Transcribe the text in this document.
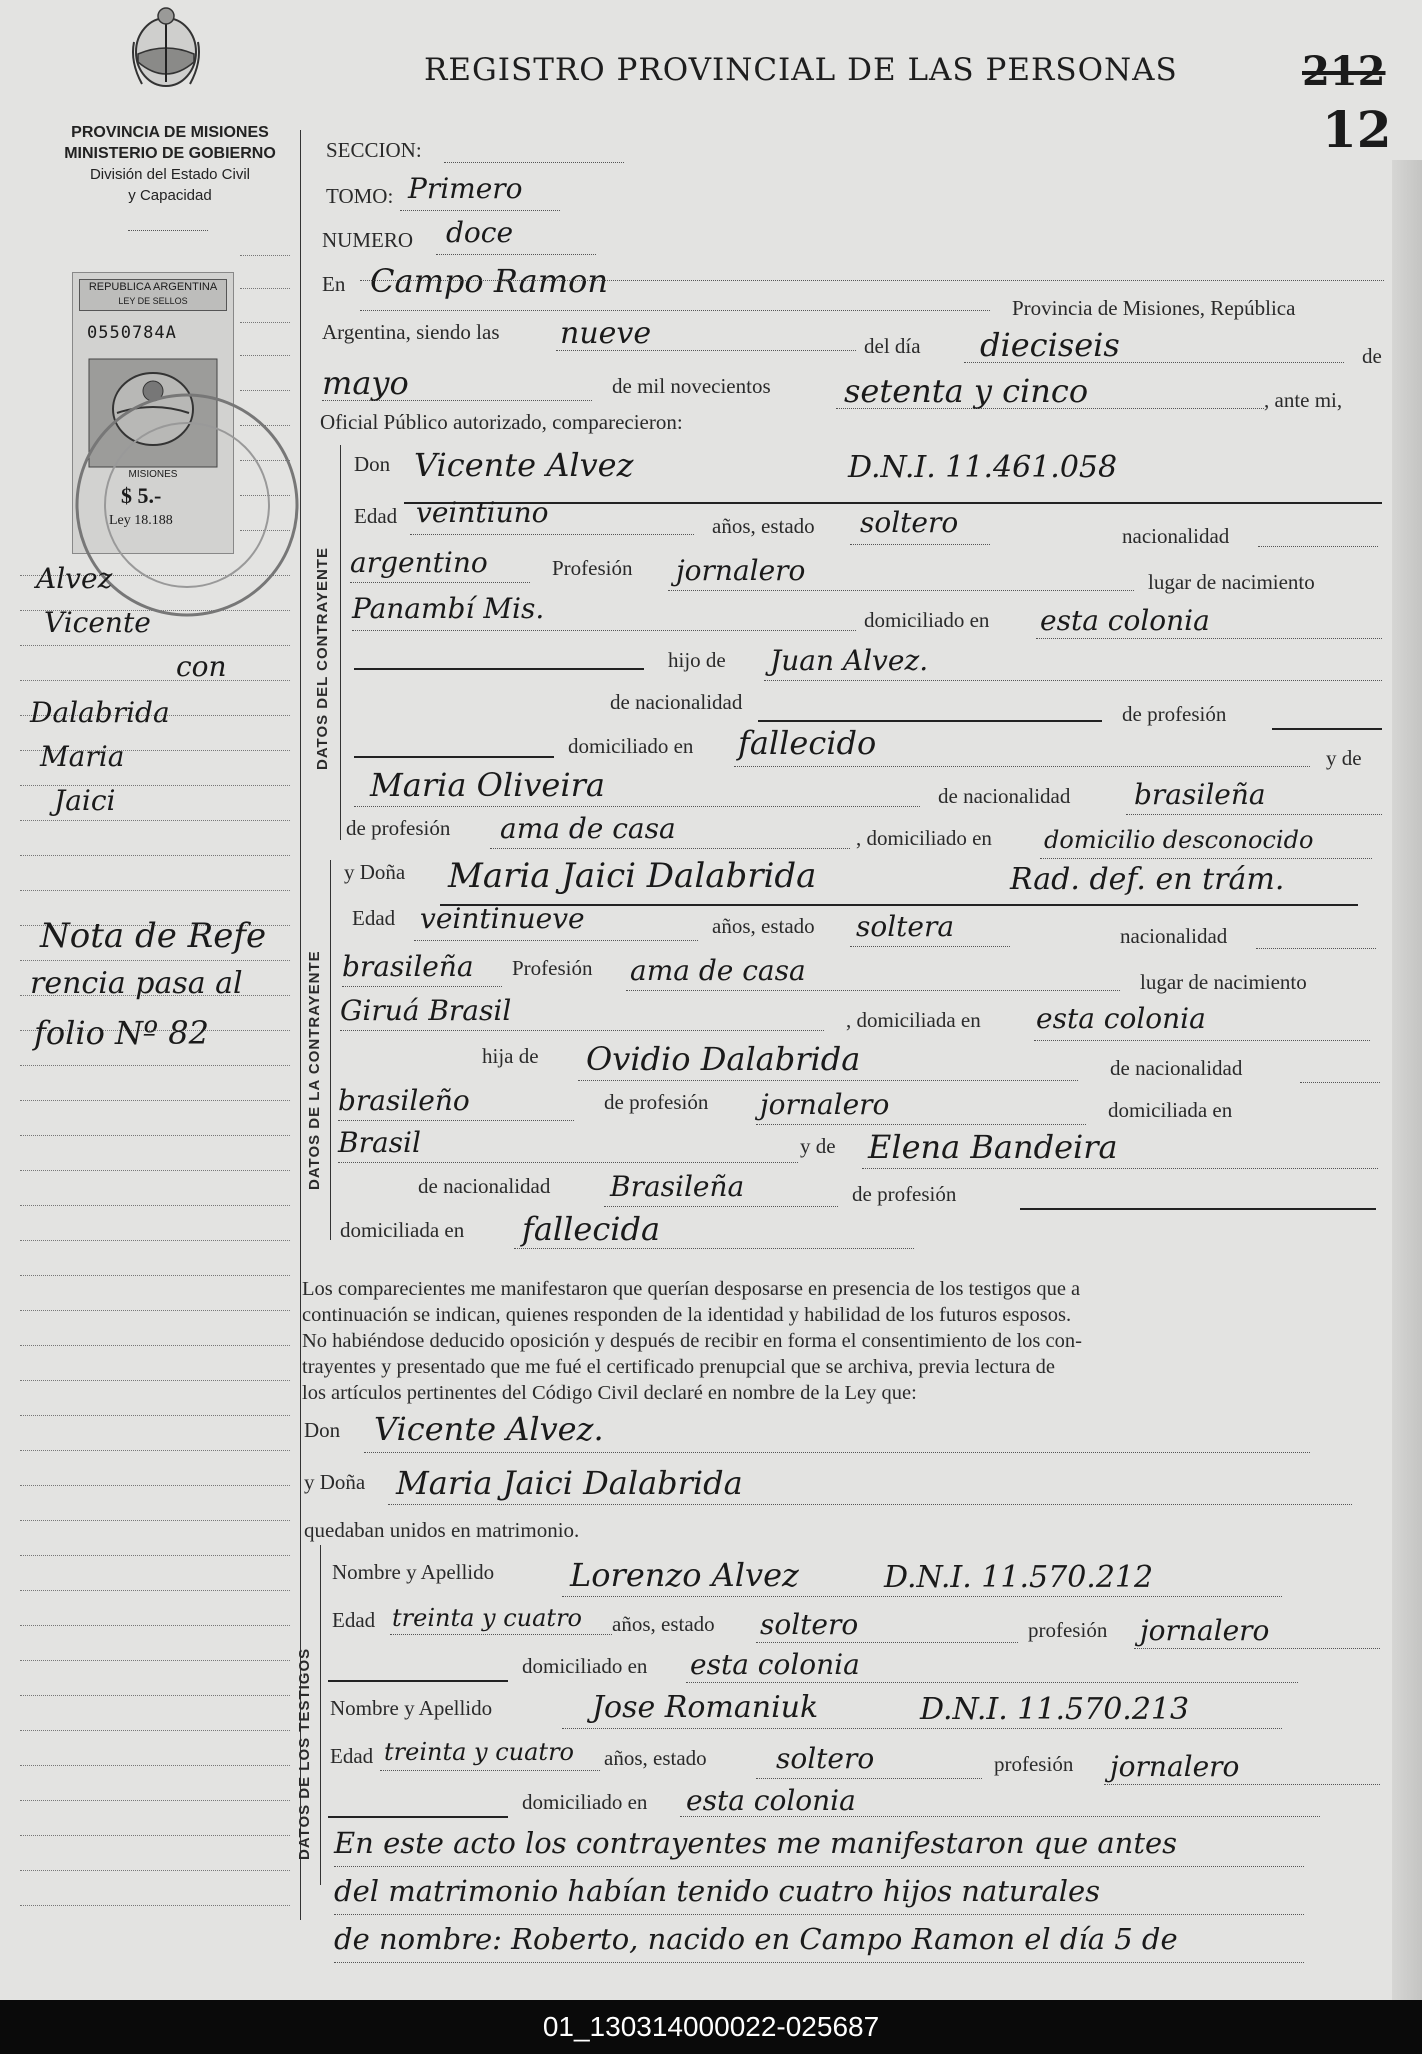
PROVINCIA DE MISIONES
MINISTERIO DE GOBIERNO
División del Estado Civil
y Capacidad
REGISTRO PROVINCIAL DE LAS PERSONAS	212
12
REPUBLICA ARGENTINA
LEY DE SELLOS
0550784A
MISIONES
$ 5.-
Ley 18.188
Alvez
Vicente
con
Dalabrida
Maria
Jaici
Nota de Refe
rencia pasa al
folio Nº 82
SECCION:
TOMO: Primero
NUMERO doce
En Campo Ramon
Provincia de Misiones, República
Argentina, siendo las nueve	del día dieciseis	de
mayo	de mil novecientos setenta y cinco	, ante mi,
Oficial Público autorizado, comparecieron:
DATOS DEL CONTRAYENTE
Don Vicente Alvez	D.N.I. 11.461.058
Edad veintiuno	años, estado soltero	nacionalidad
argentino	Profesión jornalero	lugar de nacimiento
Panambí Mis.	domiciliado en esta colonia
hijo de Juan Alvez.
de nacionalidad	de profesión
domiciliado en fallecido	y de
Maria Oliveira	de nacionalidad brasileña
de profesión ama de casa	, domiciliado en domicilio desconocido
DATOS DE LA CONTRAYENTE
y Doña Maria Jaici Dalabrida	Rad. def. en trám.
Edad veintinueve	años, estado soltera	nacionalidad
brasileña Profesión ama de casa	lugar de nacimiento
Giruá Brasil	, domiciliada en esta colonia
hija de Ovidio Dalabrida	de nacionalidad
brasileño	de profesión jornalero	domiciliada en
Brasil	y de Elena Bandeira
de nacionalidad Brasileña	de profesión
domiciliada en fallecida
Los comparecientes me manifestaron que querían desposarse en presencia de los testigos que a
continuación se indican, quienes responden de la identidad y habilidad de los futuros esposos.
No habiéndose deducido oposición y después de recibir en forma el consentimiento de los con-
trayentes y presentado que me fué el certificado prenupcial que se archiva, previa lectura de
los artículos pertinentes del Código Civil declaré en nombre de la Ley que:
Don Vicente Alvez.
y Doña Maria Jaici Dalabrida
quedaban unidos en matrimonio.
DATOS DE LOS TESTIGOS
Nombre y Apellido Lorenzo Alvez	D.N.I. 11.570.212
Edad treinta y cuatro años, estado soltero	profesión jornalero
domiciliado en esta colonia
Nombre y Apellido	Jose Romaniuk	D.N.I. 11.570.213
Edad treinta y cuatro años, estado soltero	profesión jornalero
domiciliado en esta colonia
En este acto los contrayentes me manifestaron que antes
del matrimonio habían tenido cuatro hijos naturales
de nombre: Roberto, nacido en Campo Ramon el día 5 de
01_130314000022-025687
